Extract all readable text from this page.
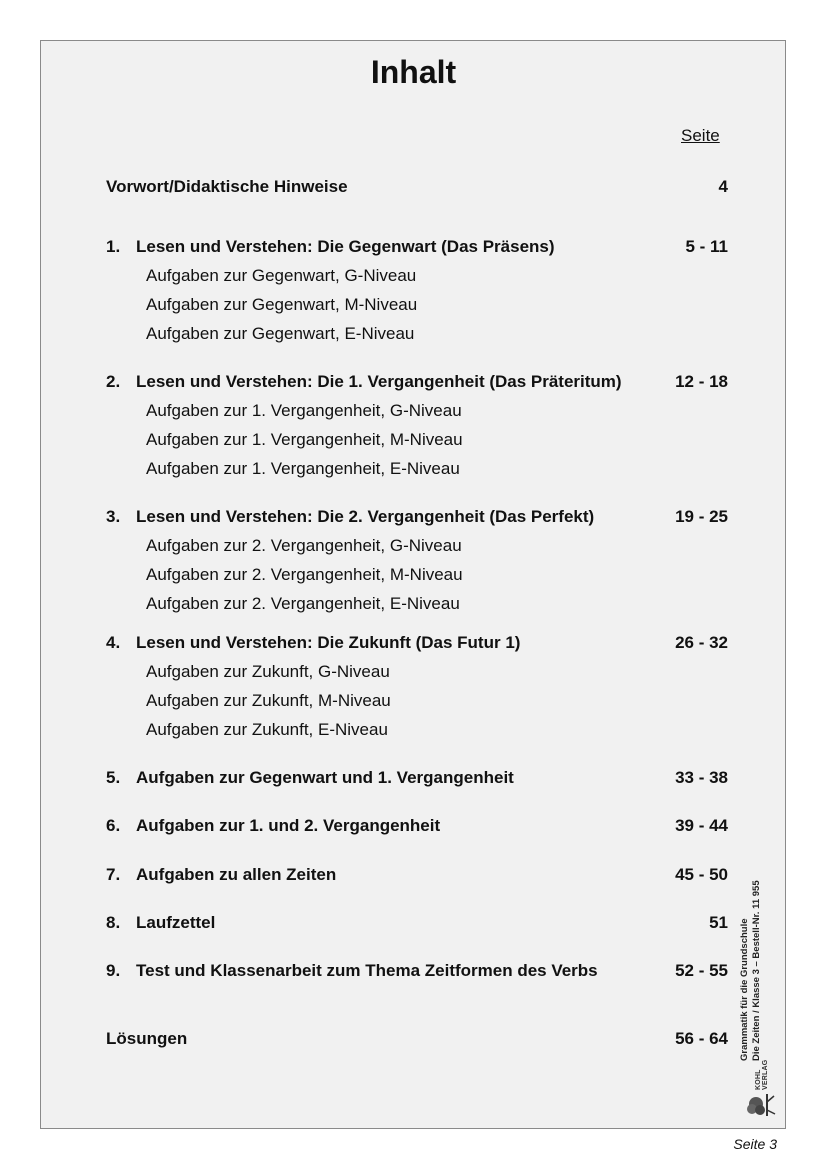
Inhalt
Seite
Vorwort/Didaktische Hinweise	4
1. Lesen und Verstehen: Die Gegenwart (Das Präsens)	5 - 11
Aufgaben zur Gegenwart, G-Niveau
Aufgaben zur Gegenwart, M-Niveau
Aufgaben zur Gegenwart, E-Niveau
2. Lesen und Verstehen: Die 1. Vergangenheit (Das Präteritum)	12 - 18
Aufgaben zur 1. Vergangenheit, G-Niveau
Aufgaben zur 1. Vergangenheit, M-Niveau
Aufgaben zur 1. Vergangenheit, E-Niveau
3. Lesen und Verstehen: Die 2. Vergangenheit (Das Perfekt)	19 - 25
Aufgaben zur 2. Vergangenheit, G-Niveau
Aufgaben zur 2. Vergangenheit, M-Niveau
Aufgaben zur 2. Vergangenheit, E-Niveau
4. Lesen und Verstehen: Die Zukunft (Das Futur 1)	26 - 32
Aufgaben zur Zukunft, G-Niveau
Aufgaben zur Zukunft, M-Niveau
Aufgaben zur Zukunft, E-Niveau
5. Aufgaben zur Gegenwart und 1. Vergangenheit	33 - 38
6. Aufgaben zur 1. und 2. Vergangenheit	39 - 44
7. Aufgaben zu allen Zeiten	45 - 50
8. Laufzettel	51
9. Test und Klassenarbeit zum Thema Zeitformen des Verbs	52 - 55
Lösungen	56 - 64 Grammatik für die Grundschule Die Zeiten / Klasse 3 – Bestell-Nr. 11 955
KOHL VERLAG
Seite 3
